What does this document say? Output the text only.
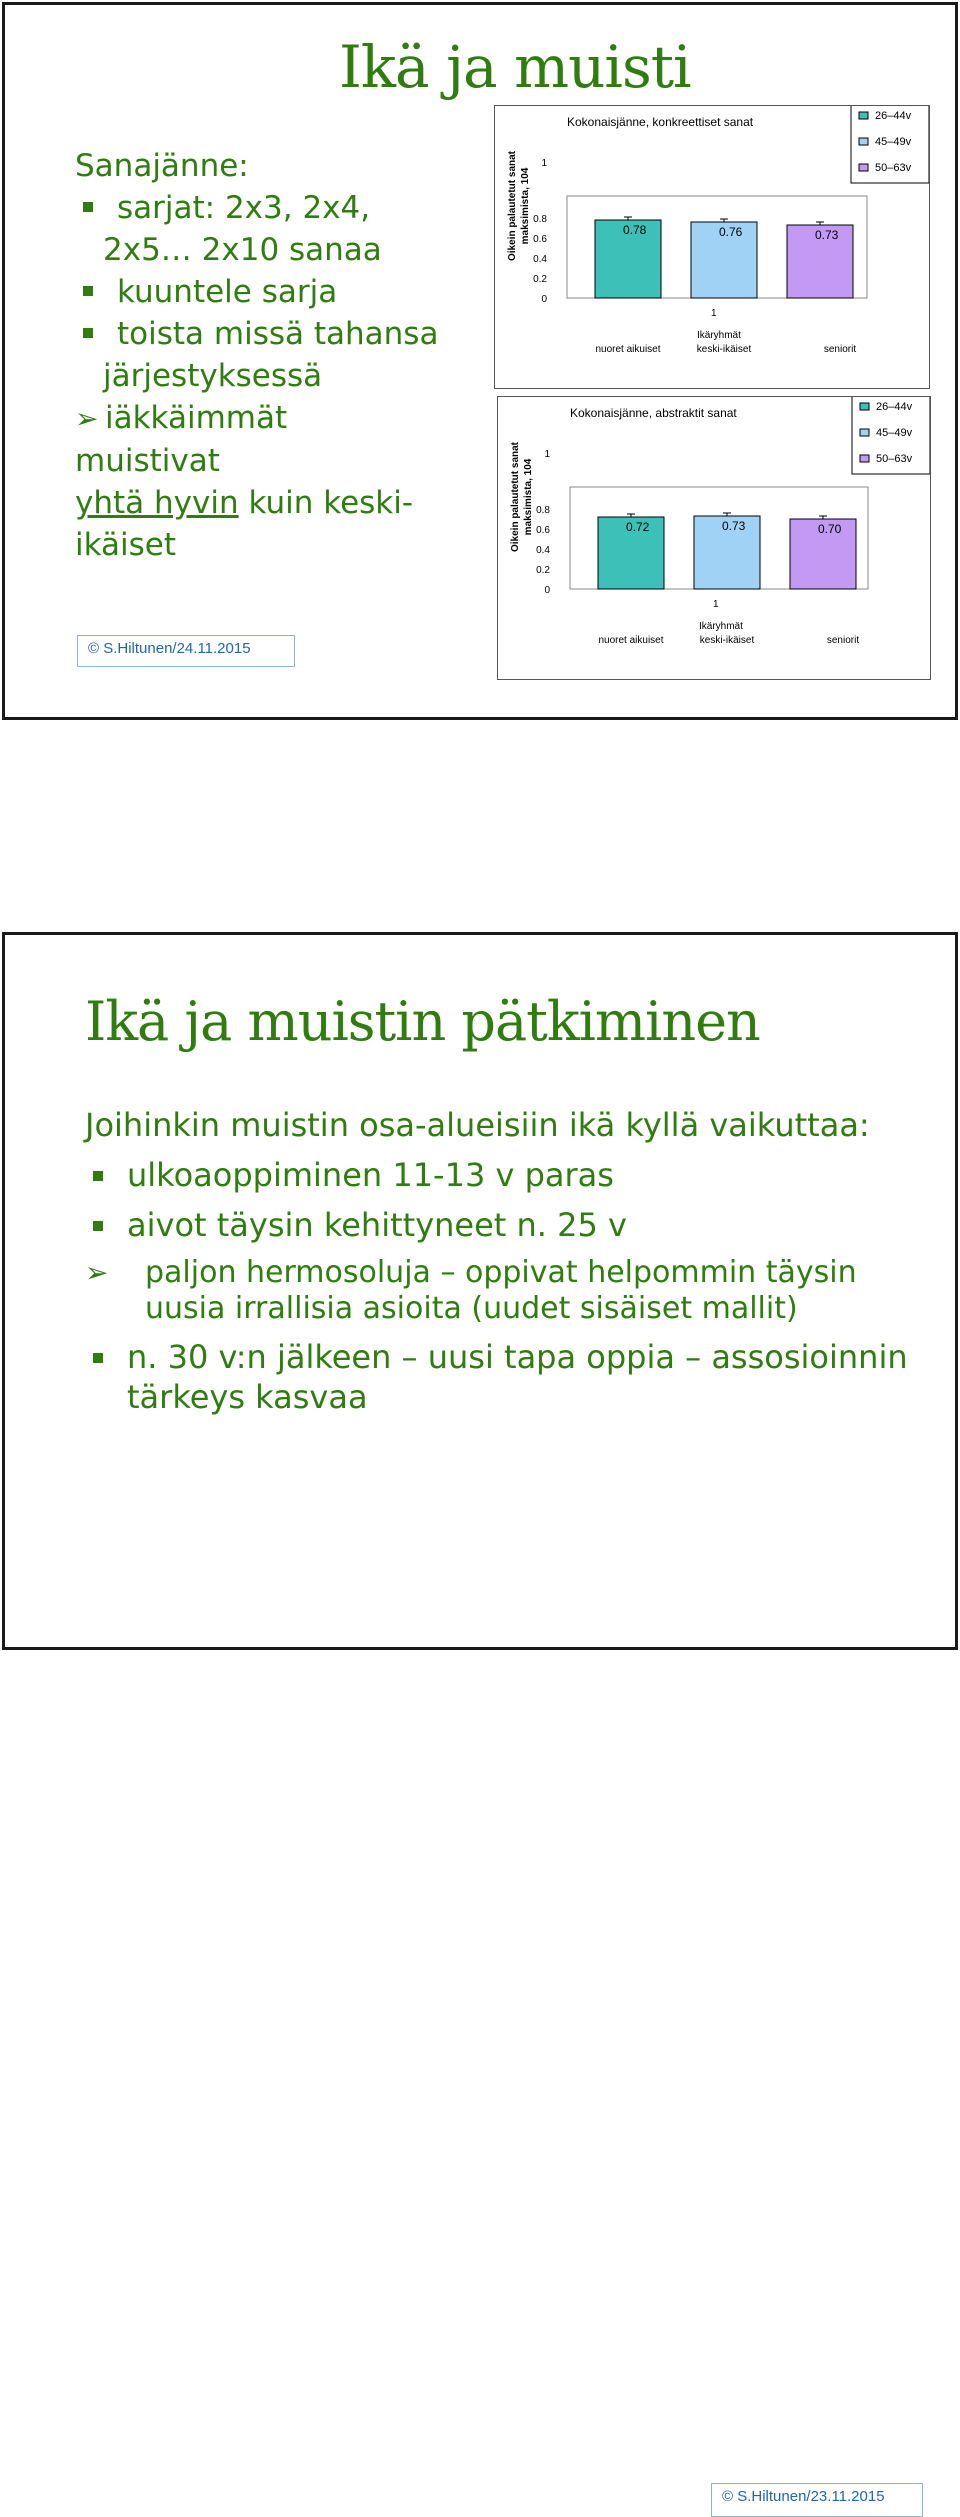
Ikä ja muisti
Sanajänne:
sarjat: 2x3, 2x4,
2x5… 2x10 sanaa
kuuntele sarja
toista missä tahansa
järjestyksessä
➢ iäkkäimmät
muistivat
yhtä hyvin kuin keski-
ikäiset
Kokonaisjänne, konkreettiset sanat
Oikein palautetut sanat maksimista, 104
0
0.2
0.4
0.6
0.8
1
0.78	0.76	0.73
1
Ikäryhmät
nuoret aikuiset	keski-ikäiset	seniorit
26–44v
45–49v
50–63v
Kokonaisjänne, abstraktit sanat
Oikein palautetut sanat maksimista, 104
0
0.2
0.4
0.6
0.8
1
0.72	0.73	0.70
1
Ikäryhmät
nuoret aikuiset	keski-ikäiset	seniorit
26–44v
45–49v
50–63v
© S.Hiltunen/24.11.2015
Ikä ja muistin pätkiminen

Joihinkin muistin osa-alueisiin ikä kyllä vaikuttaa:

ulkoaoppiminen 11-13 v paras
aivot täysin kehittyneet n. 25 v
➢ paljon hermosoluja – oppivat helpommin täysin uusia irrallisia asioita (uudet sisäiset mallit)
n. 30 v:n jälkeen – uusi tapa oppia – assosioinnin tärkeys kasvaa
© S.Hiltunen/23.11.2015
